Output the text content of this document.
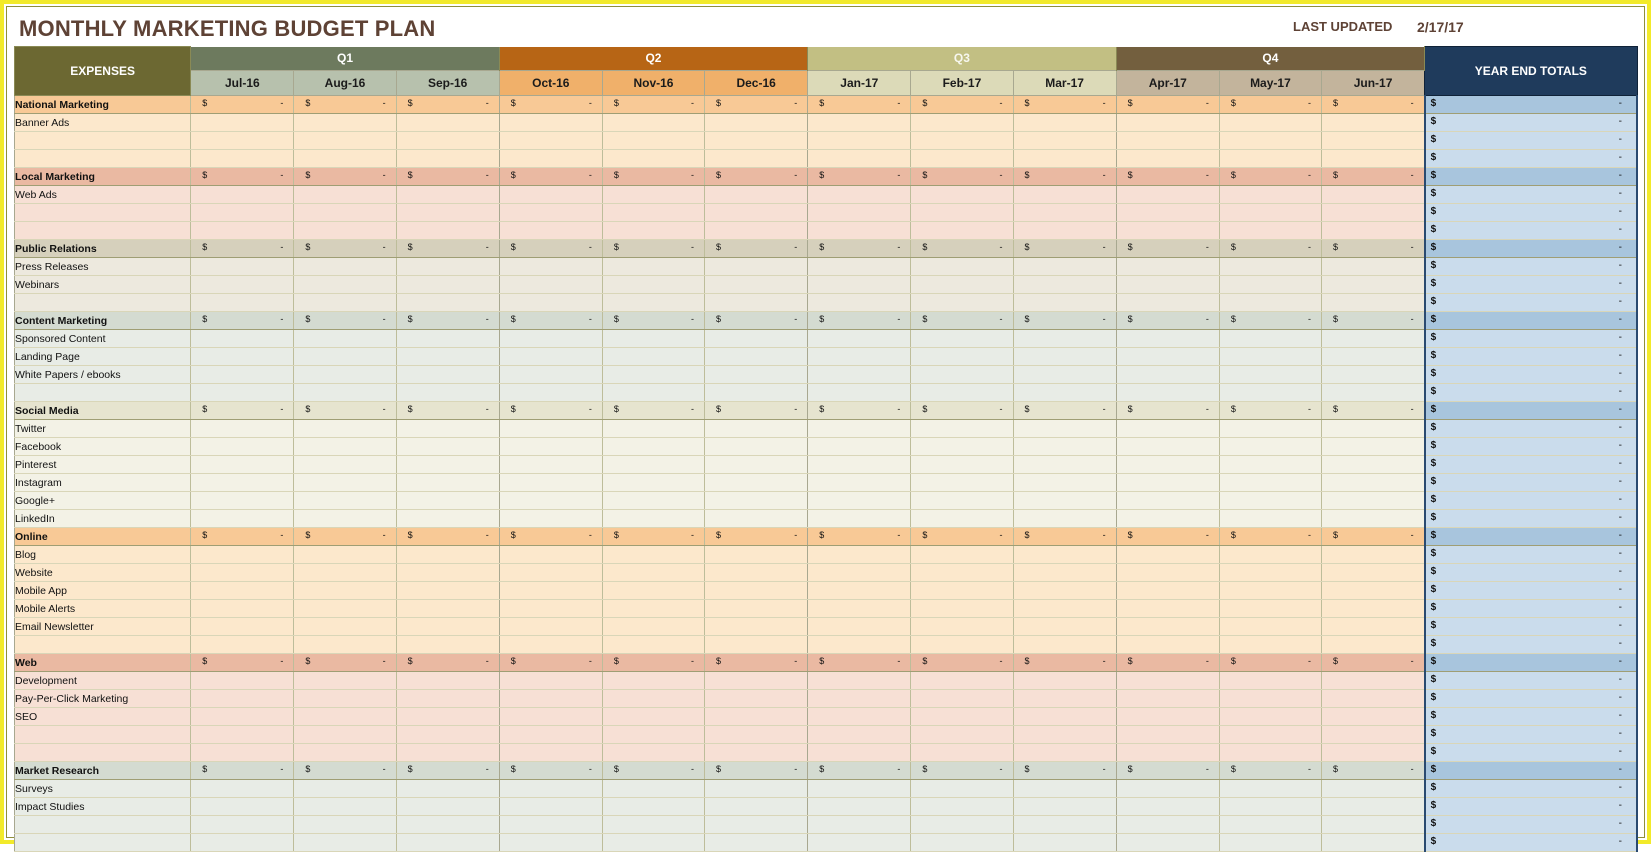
MONTHLY MARKETING BUDGET PLAN	LAST UPDATED 2/17/17
EXPENSES	Q1			Q2			Q3			Q4			YEAR END TOTALS
	Jul-16	Aug-16	Sep-16	Oct-16	Nov-16	Dec-16	Jan-17	Feb-17	Mar-17	Apr-17	May-17	Jun-17	
National Marketing	$ -	$ -	$ -	$ -	$ -	$ -	$ -	$ -	$ -	$ -	$ -	$ -	$ -

Banner Ads													$ -

													$ -

													$ -

Local Marketing	$ -	$ -	$ -	$ -	$ -	$ -	$ -	$ -	$ -	$ -	$ -	$ -	$ -

Web Ads													$ -

													$ -

													$ -

Public Relations	$ -	$ -	$ -	$ -	$ -	$ -	$ -	$ -	$ -	$ -	$ -	$ -	$ -

Press Releases													$ -

Webinars													$ -

													$ -

Content Marketing	$ -	$ -	$ -	$ -	$ -	$ -	$ -	$ -	$ -	$ -	$ -	$ -	$ -

Sponsored Content													$ -

Landing Page													$ -

White Papers / ebooks													$ -

													$ -

Social Media	$ -	$ -	$ -	$ -	$ -	$ -	$ -	$ -	$ -	$ -	$ -	$ -	$ -

Twitter													$ -

Facebook													$ -

Pinterest													$ -

Instagram													$ -

Google+													$ -

LinkedIn													$ -

Online	$ -	$ -	$ -	$ -	$ -	$ -	$ -	$ -	$ -	$ -	$ -	$ -	$ -

Blog													$ -

Website													$ -

Mobile App													$ -

Mobile Alerts													$ -

Email Newsletter													$ -

													$ -

Web	$ -	$ -	$ -	$ -	$ -	$ -	$ -	$ -	$ -	$ -	$ -	$ -	$ -

Development													$ -

Pay-Per-Click Marketing													$ -

SEO													$ -

													$ -

													$ -

Market Research	$ -	$ -	$ -	$ -	$ -	$ -	$ -	$ -	$ -	$ -	$ -	$ -	$ -

Surveys													$ -

Impact Studies													$ -

													$ -

													$ -
